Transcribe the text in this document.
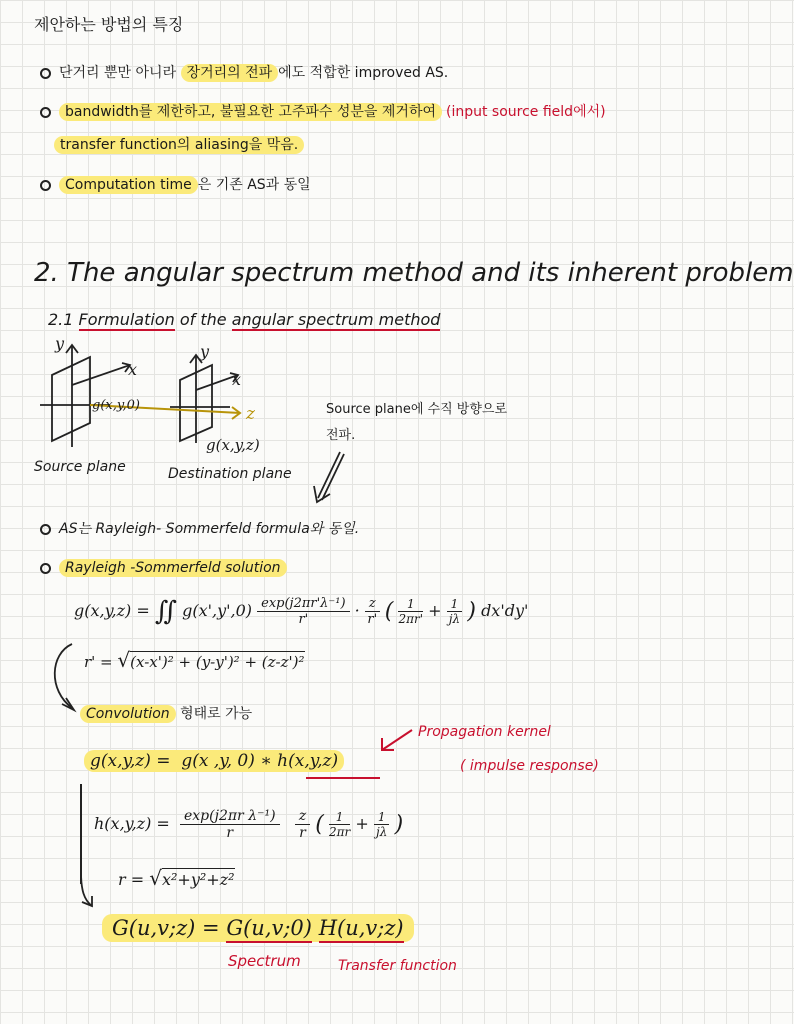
제안하는 방법의 특징
단거리 뿐만 아니라 장거리의 전파 에도 적합한 improved AS.
bandwidth를 제한하고, 불필요한 고주파수 성분을 제거하여 (input source field에서)
transfer function의 aliasing을 막음.
Computation time 은 기존 AS과 동일
2. The angular spectrum method and its inherent problem
2.1 Formulation of the angular spectrum method
y
x
y
x
z
g(x,y,0)
g(x,y,z)
Source plane	Destination plane
Source plane에 수직 방향으로
전파.
AS는 Rayleigh- Sommerfeld formula와 동일.
Rayleigh -Sommerfeld solution
g(x,y,z) = ∬ $g(x',y',0) \frac{\text{exp(j2πr'λ⁻¹)}}{r'} \cdot \frac{z}{r'}$ ( $\frac{1}{2\pi r'} + \frac{1}{j\lambda}$ ) dx'dy'
r' = √(x-x')² + (y-y')² + (z-z')²
Convolution 형태로 가능
Propagation kernel
( impulse response)
g(x,y,z) = g(x ,y, 0) ∗ h(x,y,z)
$h(x,y,z) = \frac{\text{exp(j2πr λ⁻¹)}}{r}$
$\frac{z}{r}$ ( $\frac{1}{2\pi r} + \frac{1}{j\lambda}$ )
r = √x²+y²+z²
G(u,v;z) = G(u,v;0) H(u,v;z)
Spectrum	Transfer function
